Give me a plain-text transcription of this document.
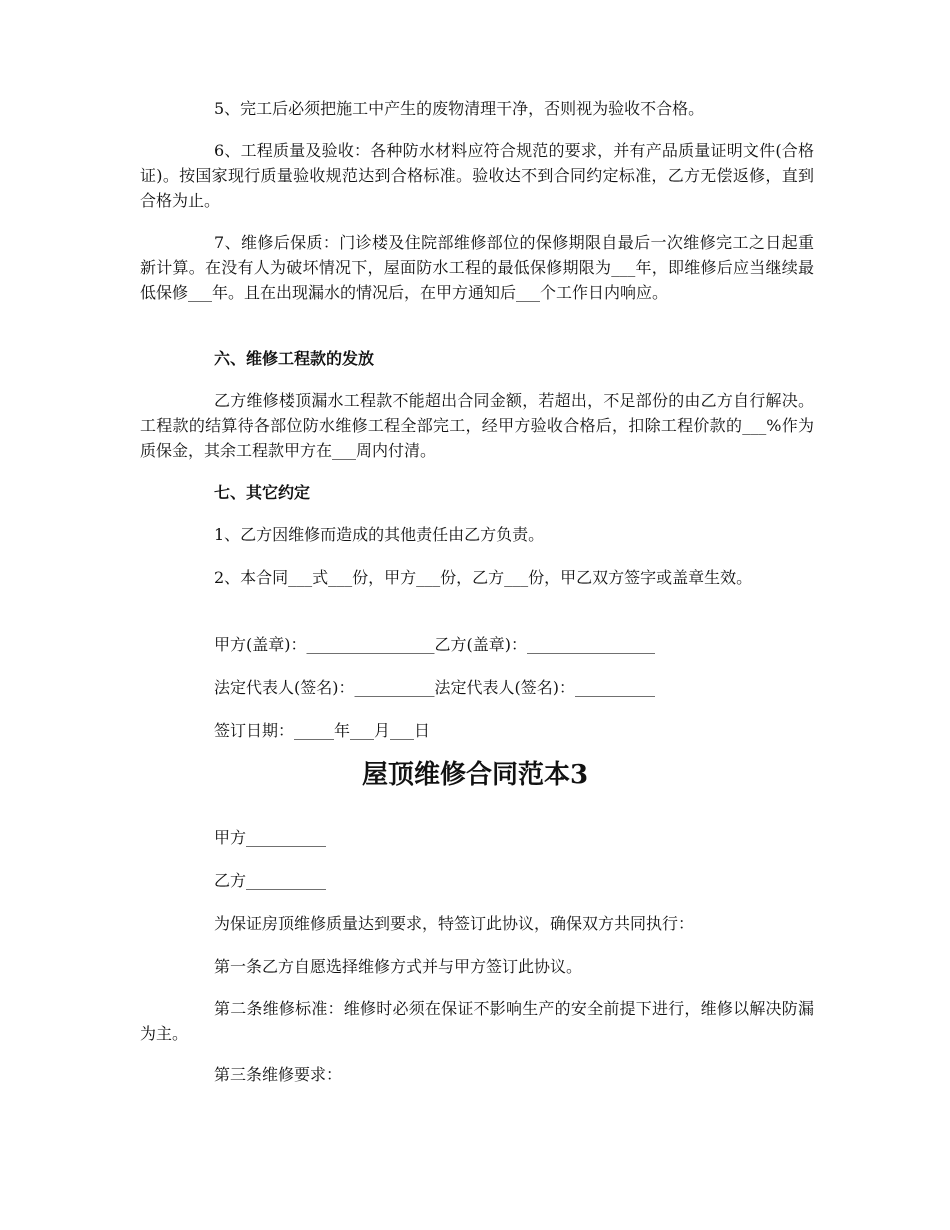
5、完工后必须把施工中产生的废物清理干净，否则视为验收不合格。

6、工程质量及验收：各种防水材料应符合规范的要求，并有产品质量证明文件(合格证)。按国家现行质量验收规范达到合格标准。验收达不到合同约定标准，乙方无偿返修，直到合格为止。

7、维修后保质：门诊楼及住院部维修部位的保修期限自最后一次维修完工之日起重新计算。在没有人为破坏情况下，屋面防水工程的最低保修期限为___年，即维修后应当继续最低保修___年。且在出现漏水的情况后，在甲方通知后___个工作日内响应。

六、维修工程款的发放

乙方维修楼顶漏水工程款不能超出合同金额，若超出，不足部份的由乙方自行解决。工程款的结算待各部位防水维修工程全部完工，经甲方验收合格后，扣除工程价款的___%作为质保金，其余工程款甲方在___周内付清。

七、其它约定

1、乙方因维修而造成的其他责任由乙方负责。

2、本合同___式___份，甲方___份，乙方___份，甲乙双方签字或盖章生效。

甲方(盖章)：________________乙方(盖章)：________________

法定代表人(签名)：__________法定代表人(签名)：__________

签订日期：_____年___月___日

屋顶维修合同范本3

甲方__________

乙方__________

为保证房顶维修质量达到要求，特签订此协议，确保双方共同执行：

第一条乙方自愿选择维修方式并与甲方签订此协议。

第二条维修标准：维修时必须在保证不影响生产的安全前提下进行，维修以解决防漏为主。

第三条维修要求：
